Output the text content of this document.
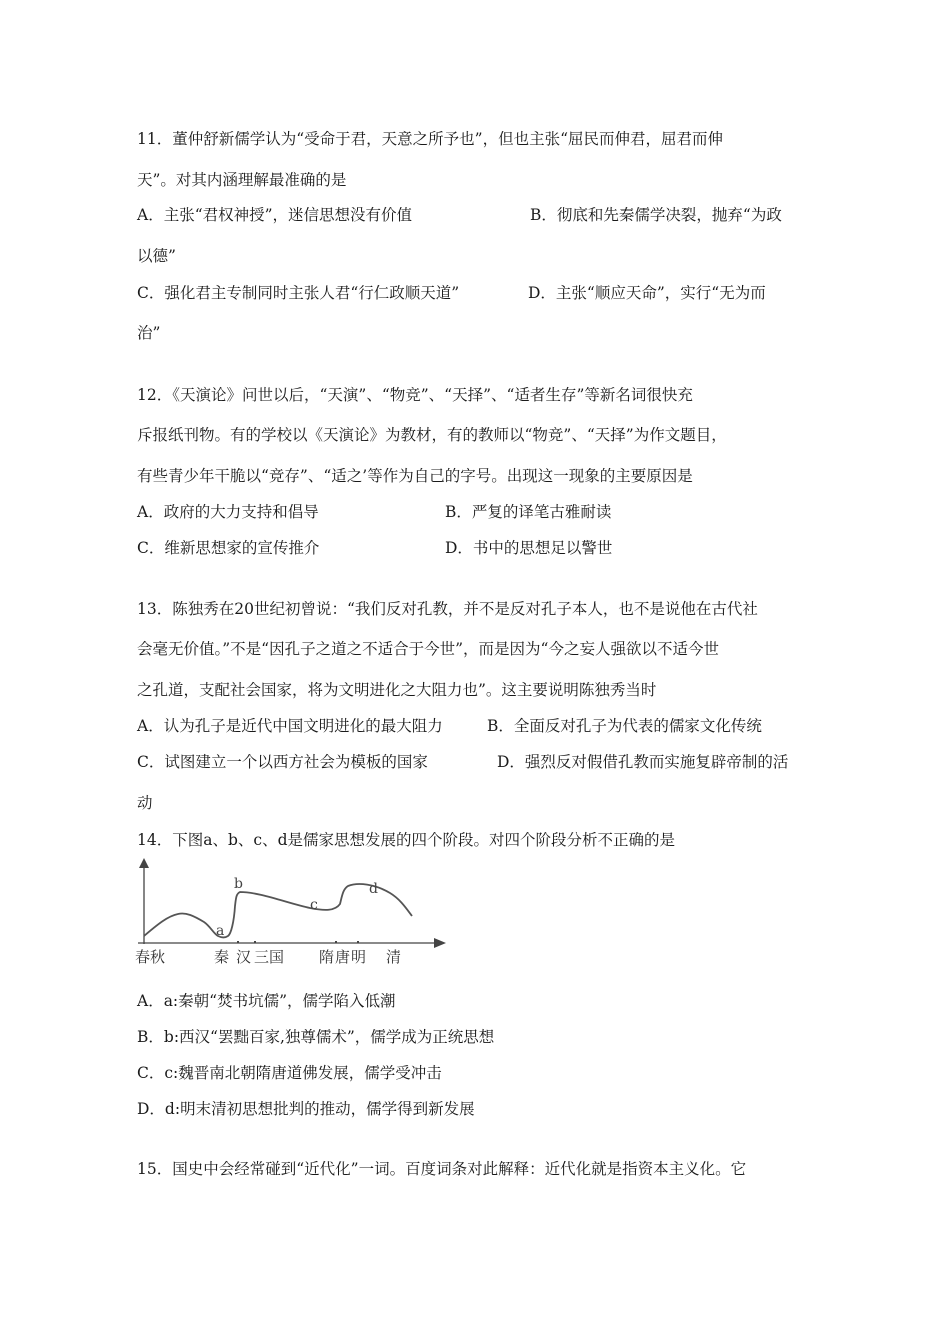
11．董仲舒新儒学认为“受命于君，天意之所予也”，但也主张“屈民而伸君，屈君而伸
天”。对其内涵理解最准确的是
A．主张“君权神授”，迷信思想没有价值	B．彻底和先秦儒学决裂，抛弃“为政
以德”
C．强化君主专制同时主张人君“行仁政顺天道”	D．主张“顺应天命”，实行“无为而
治”
12．《天演论》问世以后，“天演”、“物竞”、“天择”、“适者生存”等新名词很快充
斥报纸刊物。有的学校以《天演论》为教材，有的教师以“物竞”、“天择”为作文题目，
有些青少年干脆以“竞存”、“适之’等作为自己的字号。出现这一现象的主要原因是
A．政府的大力支持和倡导	B．严复的译笔古雅耐读
C．维新思想家的宣传推介	D．书中的思想足以警世
13．陈独秀在20世纪初曾说：“我们反对孔教，并不是反对孔子本人，也不是说他在古代社
会毫无价值。”不是“因孔子之道之不适合于今世”，而是因为“今之妄人强欲以不适今世
之孔道，支配社会国家，将为文明进化之大阻力也”。这主要说明陈独秀当时
A．认为孔子是近代中国文明进化的最大阻力	B．全面反对孔子为代表的儒家文化传统
C．试图建立一个以西方社会为模板的国家	D．强烈反对假借孔教而实施复辟帝制的活
动
14．下图a、b、c、d是儒家思想发展的四个阶段。对四个阶段分析不正确的是
a
b
c
d
春秋	秦 汉 三国 隋 唐 明 清
A．a:秦朝“焚书坑儒”，儒学陷入低潮
B．b:西汉“罢黜百家,独尊儒术”，儒学成为正统思想
C．c:魏晋南北朝隋唐道佛发展，儒学受冲击
D．d:明末清初思想批判的推动，儒学得到新发展
15．国史中会经常碰到“近代化”一词。百度词条对此解释：近代化就是指资本主义化。它
